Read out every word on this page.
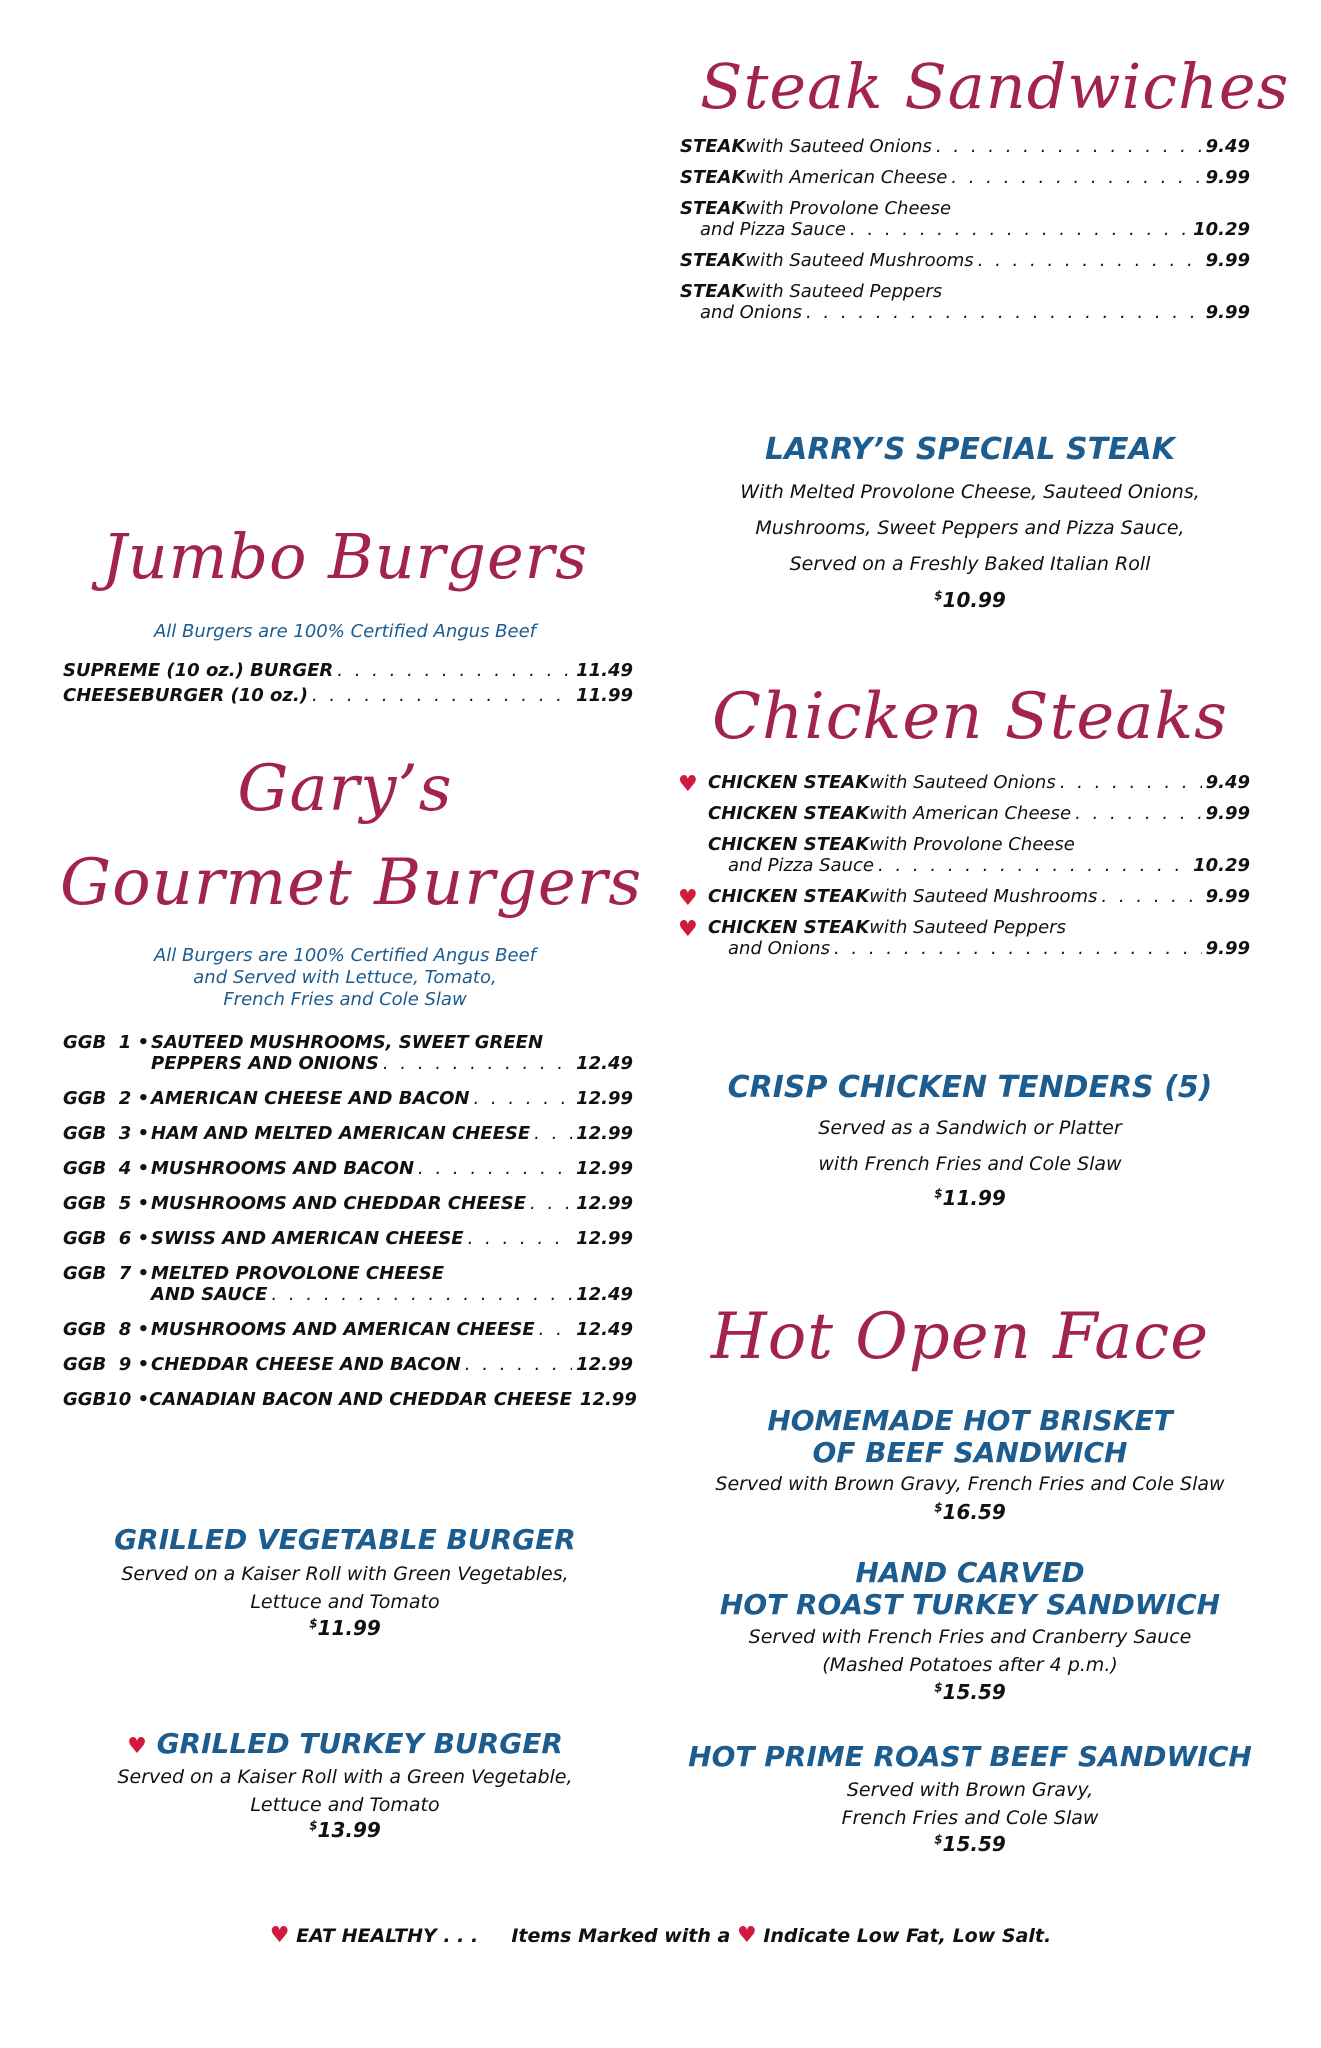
Steak Sandwiches
STEAK with Sauteed Onions . . .	9.49
STEAK with American Cheese . . .	9.99
STEAK with Provolone Cheese
and Pizza Sauce . . .	10.29
STEAK with Sauteed Mushrooms . . .	9.99
STEAK with Sauteed Peppers
and Onions . . .	9.99
LARRY’S SPECIAL STEAK
With Melted Provolone Cheese, Sauteed Onions,
Mushrooms, Sweet Peppers and Pizza Sauce,
Served on a Freshly Baked Italian Roll
$10.99
Jumbo Burgers
All Burgers are 100% Certified Angus Beef
SUPREME (10 oz.) BURGER . . .	11.49
CHEESEBURGER (10 oz.) . . .	11.99
Gary’s
Gourmet Burgers
All Burgers are 100% Certified Angus Beef
and Served with Lettuce, Tomato,
French Fries and Cole Slaw
GGB  1 • SAUTEED MUSHROOMS, SWEET GREEN
PEPPERS AND ONIONS . . .	12.49
GGB  2 • AMERICAN CHEESE AND BACON . . .	12.99
GGB  3 • HAM AND MELTED AMERICAN CHEESE . . .	12.99
GGB  4 • MUSHROOMS AND BACON . . .	12.99
GGB  5 • MUSHROOMS AND CHEDDAR CHEESE . . .	12.99
GGB  6 • SWISS AND AMERICAN CHEESE . . .	12.99
GGB  7 • MELTED PROVOLONE CHEESE
AND SAUCE . . .	12.49
GGB  8 • MUSHROOMS AND AMERICAN CHEESE . . . 12.49
GGB  9 • CHEDDAR CHEESE AND BACON . . .	12.99
GGB10 • CANADIAN BACON AND CHEDDAR CHEESE 12.99
GRILLED VEGETABLE BURGER
Served on a Kaiser Roll with Green Vegetables,
Lettuce and Tomato
$11.99
♥ GRILLED TURKEY BURGER
Served on a Kaiser Roll with a Green Vegetable,
Lettuce and Tomato
$13.99
Chicken Steaks
♥ CHICKEN STEAK with Sauteed Onions . . .	9.49
CHICKEN STEAK with American Cheese . . .	9.99
CHICKEN STEAK with Provolone Cheese
and Pizza Sauce . . .	10.29
♥ CHICKEN STEAK with Sauteed Mushrooms . . .	9.99
♥ CHICKEN STEAK with Sauteed Peppers
and Onions . . .	9.99
CRISP CHICKEN TENDERS (5)
Served as a Sandwich or Platter
with French Fries and Cole Slaw
$11.99
Hot Open Face
HOMEMADE HOT BRISKET
OF BEEF SANDWICH
Served with Brown Gravy, French Fries and Cole Slaw
$16.59
HAND CARVED
HOT ROAST TURKEY SANDWICH
Served with French Fries and Cranberry Sauce
(Mashed Potatoes after 4 p.m.)
$15.59
HOT PRIME ROAST BEEF SANDWICH
Served with Brown Gravy,
French Fries and Cole Slaw
$15.59
♥ EAT HEALTHY . . . Items Marked with a ♥ Indicate Low Fat, Low Salt.
